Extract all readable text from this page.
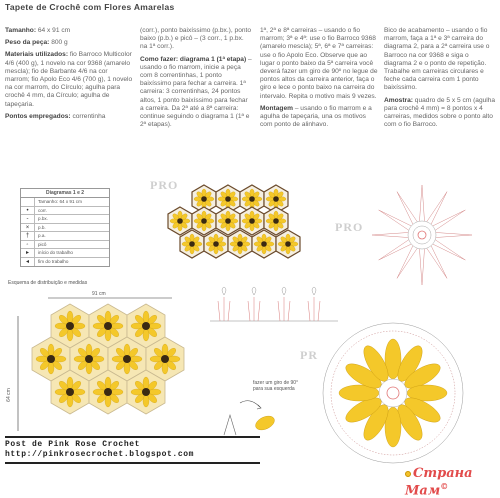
Tapete de Crochê com Flores Amarelas

Tamanho: 64 x 91 cm

Peso da peça: 800 g

Materiais utilizados: fio Barroco Multicolor 4/6 (400 g), 1 novelo na cor 9368 (amarelo mescla); fio de Barbante 4/6 na cor marrom; fio Apolo Eco 4/6 (700 g), 1 novelo na cor marrom, do Círculo; agulha para crochê 4 mm, da Círculo; agulha de tapeçaria.

Pontos empregados: correntinha

(corr.), ponto baixíssimo (p.bx.), ponto baixo (p.b.) e picô – (3 corr., 1 p.bx. na 1ª corr.).

Como fazer: diagrama 1 (1ª etapa) – usando o fio marrom, inicie a peça com 8 correntinhas, 1 ponto baixíssimo para fechar a carreira. 1ª carreira: 3 correntinhas, 24 pontos altos, 1 ponto baixíssimo para fechar a carreira. Da 2ª até a 8ª carreira: continue seguindo o diagrama 1 (1ª e 2ª etapas).

1ª, 2ª e 8ª carreiras – usando o fio marrom; 3ª e 4ª: use o fio Barroco 9368 (amarelo mescla); 5ª, 6ª e 7ª carreiras: use o fio Apolo Eco. Observe que ao lugar o ponto baixo da 5ª carreira você deverá fazer um giro de 90º no legue de pontos altos da carreira anterior, faça o giro e lece o ponto baixo na carreira do intervalo. Repita o motivo mais 9 vezes.

Montagem – usando o fio marrom e a agulha de tapeçaria, una os motivos com ponto de alinhavo.

Bico de acabamento – usando o fio marrom, faça a 1ª e 3ª carreira do diagrama 2, para a 2ª carreira use o Barroco na cor 9368 e siga o diagrama 2 e o ponto de repetição. Trabalhe em carreiras circulares e feche cada carreira com 1 ponto baixíssimo.

Amostra: quadro de 5 x 5 cm (agulha para crochê 4 mm) = 8 pontos x 4 carreiras, medidos sobre o ponto alto com o fio Barroco.

Diagramas 1 e 2
Tamanho: 64 x 91 cm
•	corr.
-	p.bx.
×	p.b.
†	p.a.
◦	picô
▸	início do trabalho
◂	fim do trabalho
PRO
PRO
PR
Esquema de distribuição e medidas
91 cm
64 cm
fazer um giro de 90° para sua esquerda
Post de Pink Rose Crochet
http://pinkrosecrochet.blogspot.com
Страна Мам©
